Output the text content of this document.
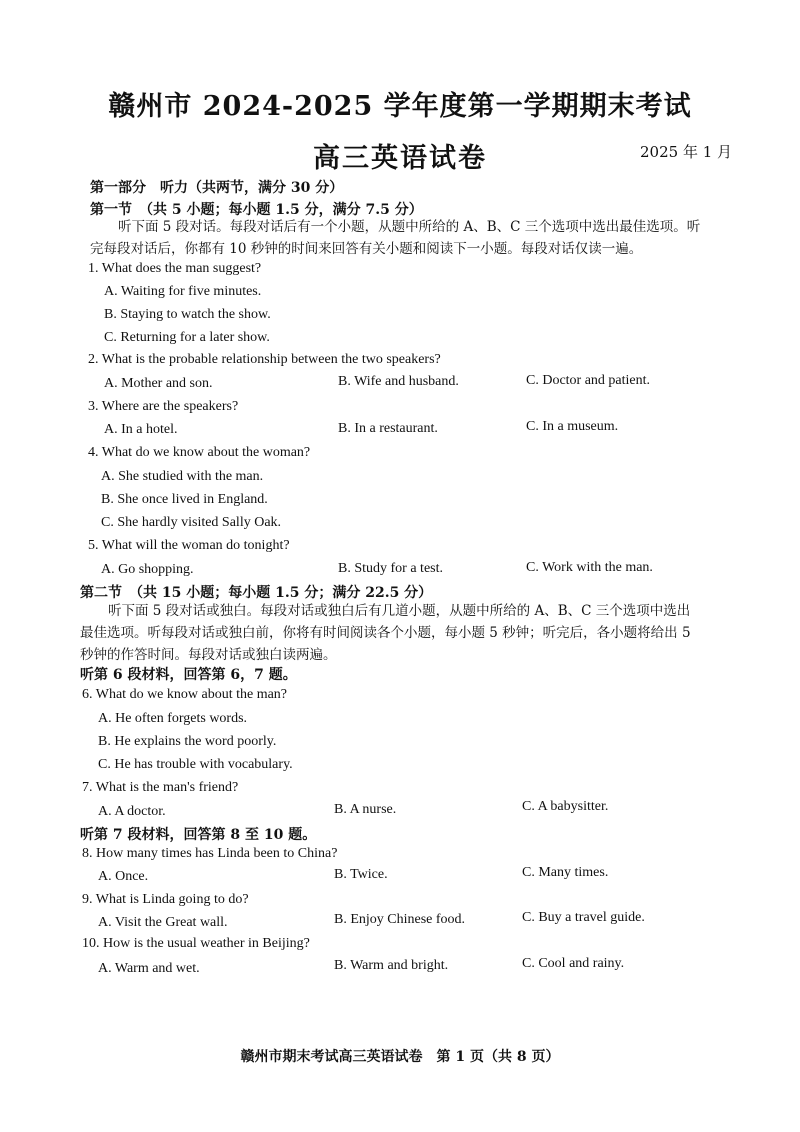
赣州市 2024-2025 学年度第一学期期末考试
高三英语试卷	2025 年 1 月
第一部分　听力（共两节，满分 30 分）
第一节　（共 5 小题；每小题 1.5 分，满分 7.5 分）
听下面 5 段对话。每段对话后有一个小题，从题中所给的 A、B、C 三个选项中选出最佳选项。听
完每段对话后，你都有 10 秒钟的时间来回答有关小题和阅读下一小题。每段对话仅读一遍。
1. What does the man suggest?
A. Waiting for five minutes.
B. Staying to watch the show.
C. Returning for a later show.
2. What is the probable relationship between the two speakers?
A. Mother and son.	B. Wife and husband.	C. Doctor and patient.
3. Where are the speakers?
A. In a hotel.	B. In a restaurant.	C. In a museum.
4. What do we know about the woman?
A. She studied with the man.
B. She once lived in England.
C. She hardly visited Sally Oak.
5. What will the woman do tonight?
A. Go shopping.	B. Study for a test.	C. Work with the man.
第二节　（共 15 小题；每小题 1.5 分；满分 22.5 分）
听下面 5 段对话或独白。每段对话或独白后有几道小题，从题中所给的 A、B、C 三个选项中选出
最佳选项。听每段对话或独白前，你将有时间阅读各个小题，每小题 5 秒钟；听完后，各小题将给出 5
秒钟的作答时间。每段对话或独白读两遍。
听第 6 段材料，回答第 6，7 题。
6. What do we know about the man?
A. He often forgets words.
B. He explains the word poorly.
C. He has trouble with vocabulary.
7. What is the man's friend?
A. A doctor.	B. A nurse.	C. A babysitter.
听第 7 段材料，回答第 8 至 10 题。
8. How many times has Linda been to China?
A. Once.	B. Twice.	C. Many times.
9. What is Linda going to do?
A. Visit the Great wall.	B. Enjoy Chinese food.	C. Buy a travel guide.
10. How is the usual weather in Beijing?
A. Warm and wet.	B. Warm and bright.	C. Cool and rainy.
赣州市期末考试高三英语试卷　第 1 页（共 8 页）
